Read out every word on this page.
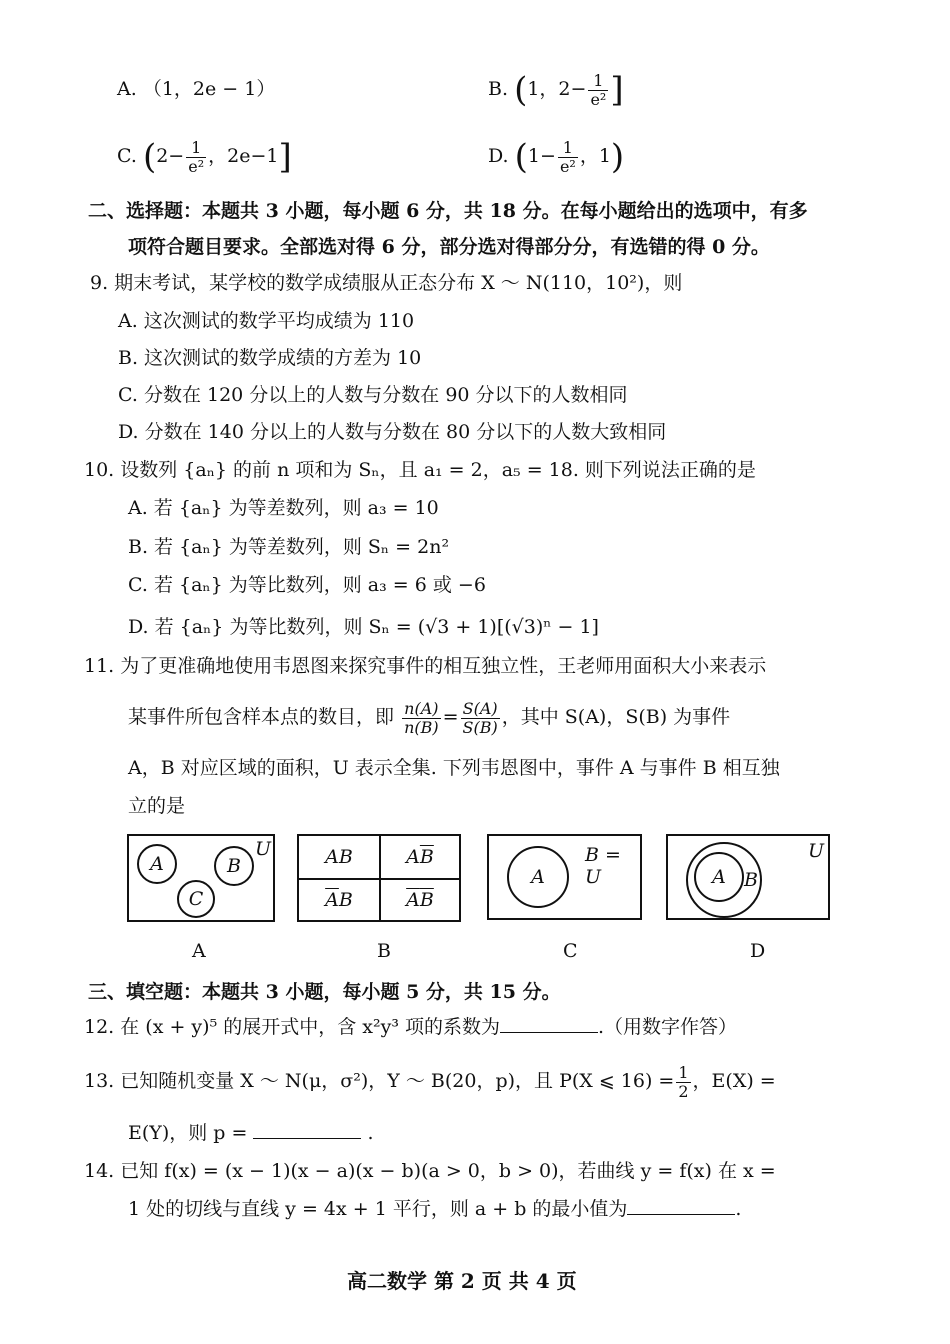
A. （1，2e − 1）	B. (1，$2- \frac{1}{\text{e²}}$ ]
C. ($2- \frac{1}{\text{e²}}$ ，2e−1]	D. ($1- \frac{1}{\text{e²}}$ ，1)
二、选择题：本题共 3 小题，每小题 6 分，共 18 分。在每小题给出的选项中，有多
项符合题目要求。全部选对得 6 分，部分选对得部分分，有选错的得 0 分。
9. 期末考试，某学校的数学成绩服从正态分布 X ～ N(110，10²)，则
A. 这次测试的数学平均成绩为 110
B. 这次测试的数学成绩的方差为 10
C. 分数在 120 分以上的人数与分数在 90 分以下的人数相同
D. 分数在 140 分以上的人数与分数在 80 分以下的人数大致相同
10. 设数列 {aₙ} 的前 n 项和为 Sₙ，且 a₁ = 2，a₅ = 18. 则下列说法正确的是
A. 若 {aₙ} 为等差数列，则 a₃ = 10
B. 若 {aₙ} 为等差数列，则 Sₙ = 2n²
C. 若 {aₙ} 为等比数列，则 a₃ = 6 或 −6
D. 若 {aₙ} 为等比数列，则 Sₙ = (√3 + 1)[(√3)ⁿ − 1]
11. 为了更准确地使用韦恩图来探究事件的相互独立性，王老师用面积大小来表示
某事件所包含样本点的数目，即 $\frac{n(A)}{n(B)} = \frac{S(A)}{S(B)}$ ，其中 S(A)，S(B) 为事件
A，B 对应区域的面积，U 表示全集. 下列韦恩图中，事件 A 与事件 B 相互独
立的是
A	B
C
U
A
AB	A $\overline{B}$
$\overline{A}$ B	$\overline{A}$ $\overline{B}$
B
A
B = U
C
B
A
U
D
三、填空题：本题共 3 小题，每小题 5 分，共 15 分。
12. 在 (x + y)⁵ 的展开式中，含 x²y³ 项的系数为	.（用数字作答）
13. 已知随机变量 X ～ N(μ，σ²)，Y ～ B(20，p)，且 P(X ⩽ $16) = \frac{1}{2}$ ，E(X) =
E(Y)，则 p =	.
14. 已知 f(x) = (x − 1)(x − a)(x − b)(a > 0，b > 0)，若曲线 y = f(x) 在 x =
1 处的切线与直线 y = 4x + 1 平行，则 a + b 的最小值为	.
高二数学 第 2 页 共 4 页
